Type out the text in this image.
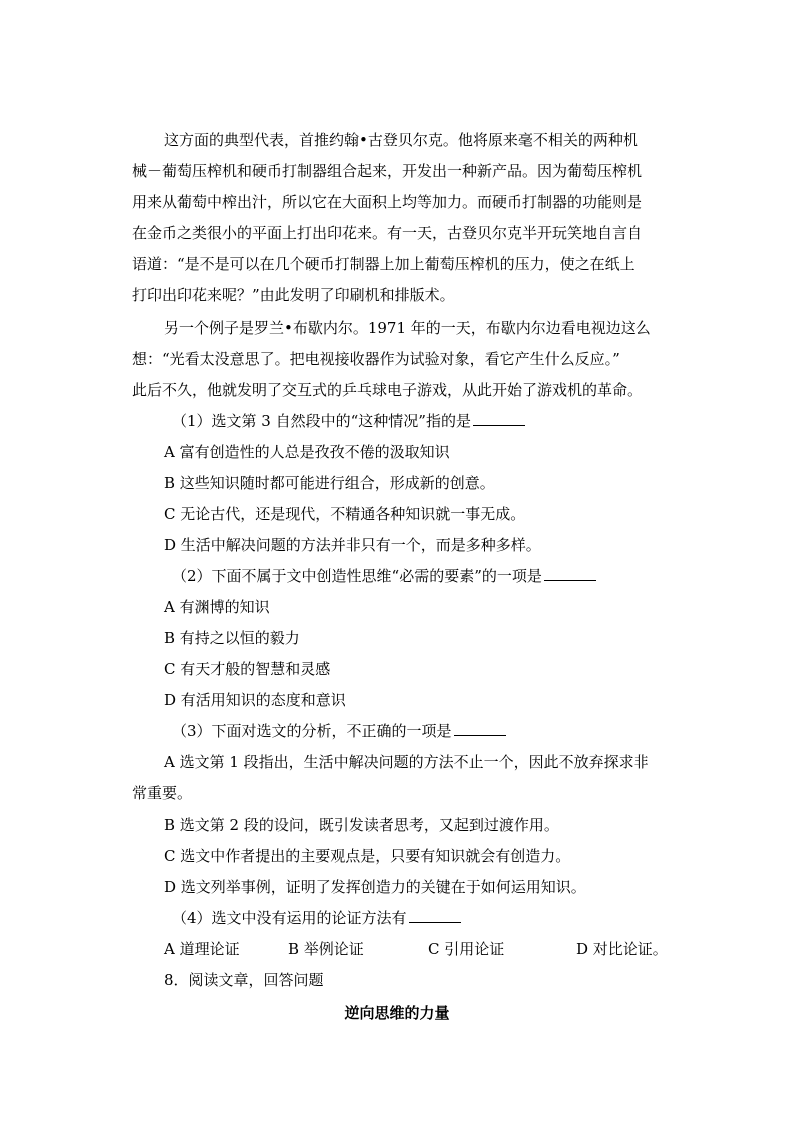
这方面的典型代表，首推约翰•古登贝尔克。他将原来毫不相关的两种机
械－葡萄压榨机和硬币打制器组合起来，开发出一种新产品。因为葡萄压榨机
用来从葡萄中榨出汁，所以它在大面积上均等加力。而硬币打制器的功能则是
在金币之类很小的平面上打出印花来。有一天，古登贝尔克半开玩笑地自言自
语道：“是不是可以在几个硬币打制器上加上葡萄压榨机的压力，使之在纸上
打印出印花来呢？”由此发明了印刷机和排版术。
另一个例子是罗兰•布歇内尔。1971 年的一天，布歇内尔边看电视边这么
想：“光看太没意思了。把电视接收器作为试验对象，看它产生什么反应。”
此后不久，他就发明了交互式的乒乓球电子游戏，从此开始了游戏机的革命。
（1）选文第 3 自然段中的“这种情况”指的是
A 富有创造性的人总是孜孜不倦的汲取知识
B 这些知识随时都可能进行组合，形成新的创意。
C 无论古代，还是现代，不精通各种知识就一事无成。
D 生活中解决问题的方法并非只有一个，而是多种多样。
（2）下面不属于文中创造性思维“必需的要素”的一项是
A 有渊博的知识
B 有持之以恒的毅力
C 有天才般的智慧和灵感
D 有活用知识的态度和意识
（3）下面对选文的分析，不正确的一项是
A 选文第 1 段指出，生活中解决问题的方法不止一个，因此不放弃探求非
常重要。
B 选文第 2 段的设问，既引发读者思考，又起到过渡作用。
C 选文中作者提出的主要观点是，只要有知识就会有创造力。
D 选文列举事例，证明了发挥创造力的关键在于如何运用知识。
（4）选文中没有运用的论证方法有
A 道理论证	B 举例论证	C 引用论证	D 对比论证。
8．阅读文章，回答问题
逆向思维的力量
